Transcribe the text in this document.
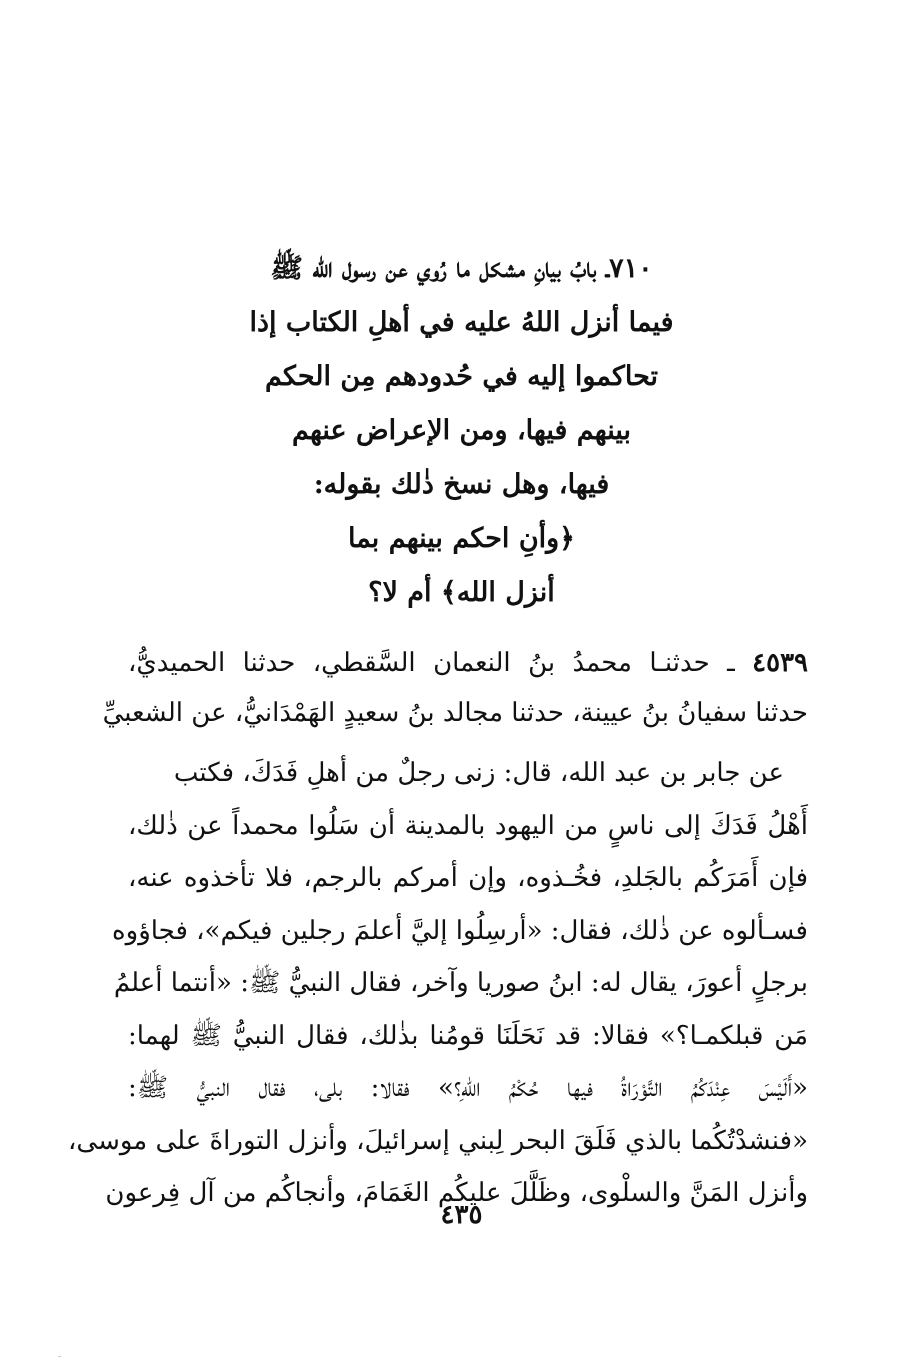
٧١٠ـ بابُ بيانِ مشكل ما رُوي عن رسول الله ﷺ
فيما أنزل اللهُ عليه في أهلِ الكتاب إذا
تحاكموا إليه في حُدودهم مِن الحكم
بينهم فيها، ومن الإعراض عنهم
فيها، وهل نسخ ذٰلك بقوله:
﴿وأنِ احكم بينهم بما
أنزل الله﴾ أم لا؟
٤٥٣٩ ـ حدثنـا محمدُ بنُ النعمان السَّقطي، حدثنا الحميديُّ،
حدثنا سفيانُ بنُ عيينة، حدثنا مجالد بنُ سعيدٍ الهَمْدَانيُّ، عن الشعبيِّ
عن جابر بن عبد الله، قال: زنى رجلٌ من أهلِ فَدَكَ، فكتب
أَهْلُ فَدَكَ إلى ناسٍ من اليهود بالمدينة أن سَلُوا محمداً عن ذٰلك،
فإن أَمَرَكُم بالجَلدِ، فخُـذوه، وإن أمركم بالرجم، فلا تأخذوه عنه،
فسـألوه عن ذٰلك، فقال: «أرسِلُوا إليَّ أعلمَ رجلين فيكم»، فجاؤوه
برجلٍ أعورَ، يقال له: ابنُ صوريا وآخر، فقال النبيُّ ﷺ: «أنتما أعلمُ
مَن قبلكمـا؟» فقالا: قد نَحَلَنَا قومُنا بذٰلك، فقال النبيُّ ﷺ لهما:
«أَلَيْسَ عِنْدَكُمُ التَّوْرَاةُ فيها حُكْمُ اللهِ؟» فقالا: بلى، فقال النبيُّ ﷺ:
«فنشدْتُكُما بالذي فَلَقَ البحر لِبني إسرائيلَ، وأنزل التوراةَ على موسى،
وأنزل المَنَّ والسلْوى، وظَلَّلَ عليكُم الغَمَامَ، وأنجاكُم من آل فِرعون
٤٣٥
